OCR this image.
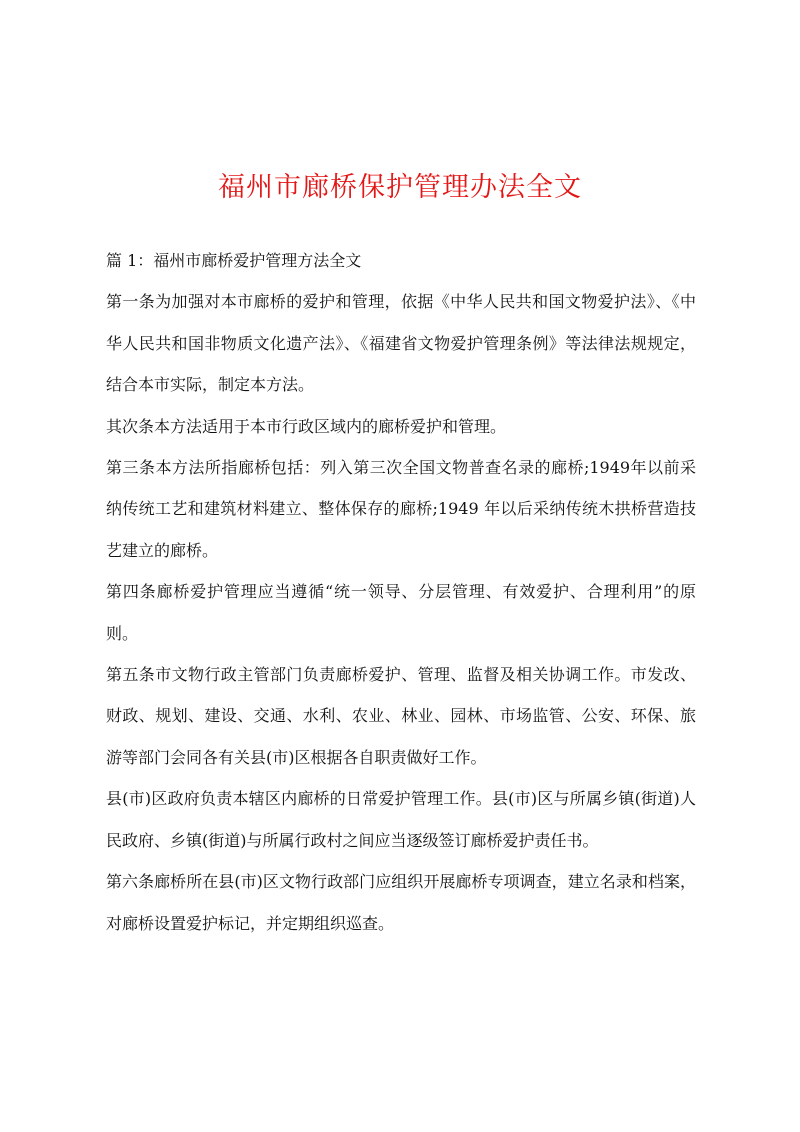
福州市廊桥保护管理办法全文

篇 1：福州市廊桥爱护管理方法全文

第一条为加强对本市廊桥的爱护和管理，依据《中华人民共和国文物爱护法》、《中华人民共和国非物质文化遗产法》、《福建省文物爱护管理条例》等法律法规规定，结合本市实际，制定本方法。

其次条本方法适用于本市行政区域内的廊桥爱护和管理。

第三条本方法所指廊桥包括：列入第三次全国文物普查名录的廊桥;1949年以前采纳传统工艺和建筑材料建立、整体保存的廊桥;1949 年以后采纳传统木拱桥营造技艺建立的廊桥。

第四条廊桥爱护管理应当遵循“统一领导、分层管理、有效爱护、合理利用”的原则。

第五条市文物行政主管部门负责廊桥爱护、管理、监督及相关协调工作。市发改、财政、规划、建设、交通、水利、农业、林业、园林、市场监管、公安、环保、旅游等部门会同各有关县(市)区根据各自职责做好工作。

县(市)区政府负责本辖区内廊桥的日常爱护管理工作。县(市)区与所属乡镇(街道)人民政府、乡镇(街道)与所属行政村之间应当逐级签订廊桥爱护责任书。

第六条廊桥所在县(市)区文物行政部门应组织开展廊桥专项调查，建立名录和档案，对廊桥设置爱护标记，并定期组织巡查。
